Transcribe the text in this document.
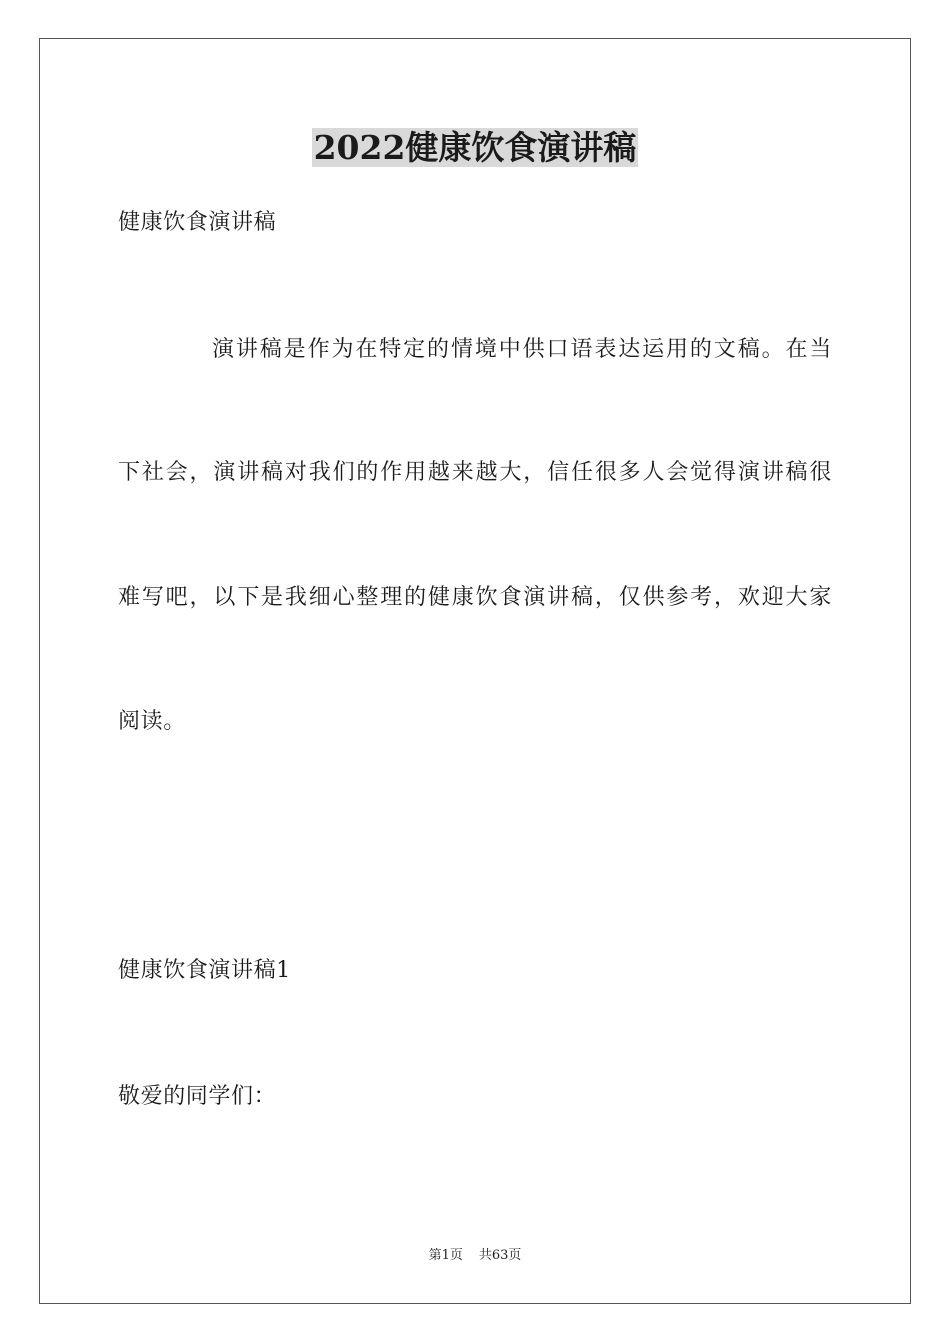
2022健康饮食演讲稿
健康饮食演讲稿
演讲稿是作为在特定的情境中供口语表达运用的文稿。在当
下社会，演讲稿对我们的作用越来越大，信任很多人会觉得演讲稿很
难写吧，以下是我细心整理的健康饮食演讲稿，仅供参考，欢迎大家
阅读。
健康饮食演讲稿1
敬爱的同学们：
第1页 共63页
